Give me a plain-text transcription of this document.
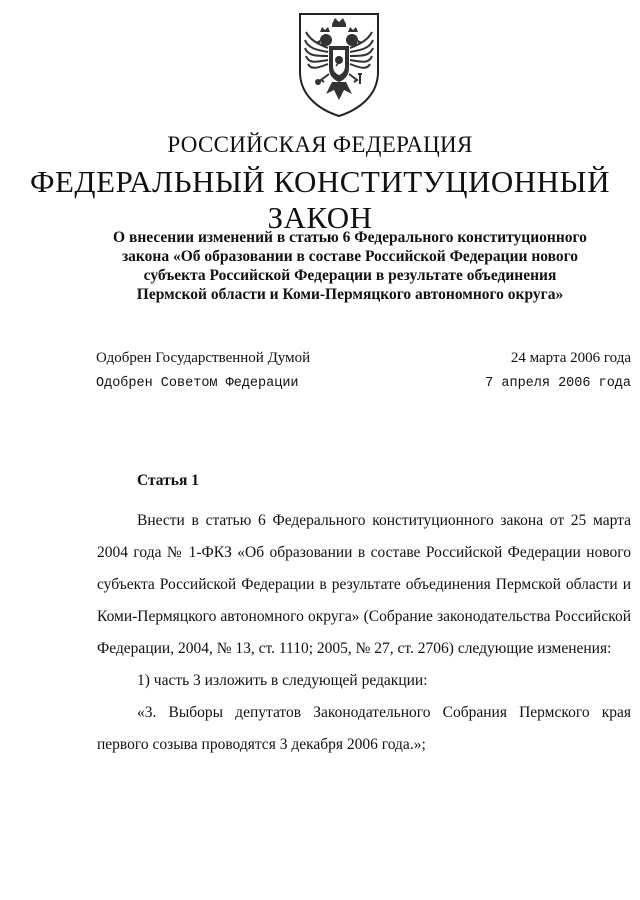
РОССИЙСКАЯ ФЕДЕРАЦИЯ
ФЕДЕРАЛЬНЫЙ КОНСТИТУЦИОННЫЙ ЗАКОН
О внесении изменений в статью 6 Федерального конституционного
закона «Об образовании в составе Российской Федерации нового
субъекта Российской Федерации в результате объединения
Пермской области и Коми-Пермяцкого автономного округа»
Одобрен Государственной Думой	24 марта 2006 года
Одобрен Советом Федерации	7 апреля 2006 года
Статья 1

Внести в статью 6 Федерального конституционного закона от 25 марта 2004 года № 1-ФКЗ «Об образовании в составе Российской Федерации нового субъекта Российской Федерации в результате объединения Пермской области и Коми-Пермяцкого автономного округа» (Собрание законодательства Российской Федерации, 2004, № 13, ст. 1110; 2005, № 27, ст. 2706) следующие изменения:

1) часть 3 изложить в следующей редакции:

«3. Выборы депутатов Законодательного Собрания Пермского края первого созыва проводятся 3 декабря 2006 года.»;
